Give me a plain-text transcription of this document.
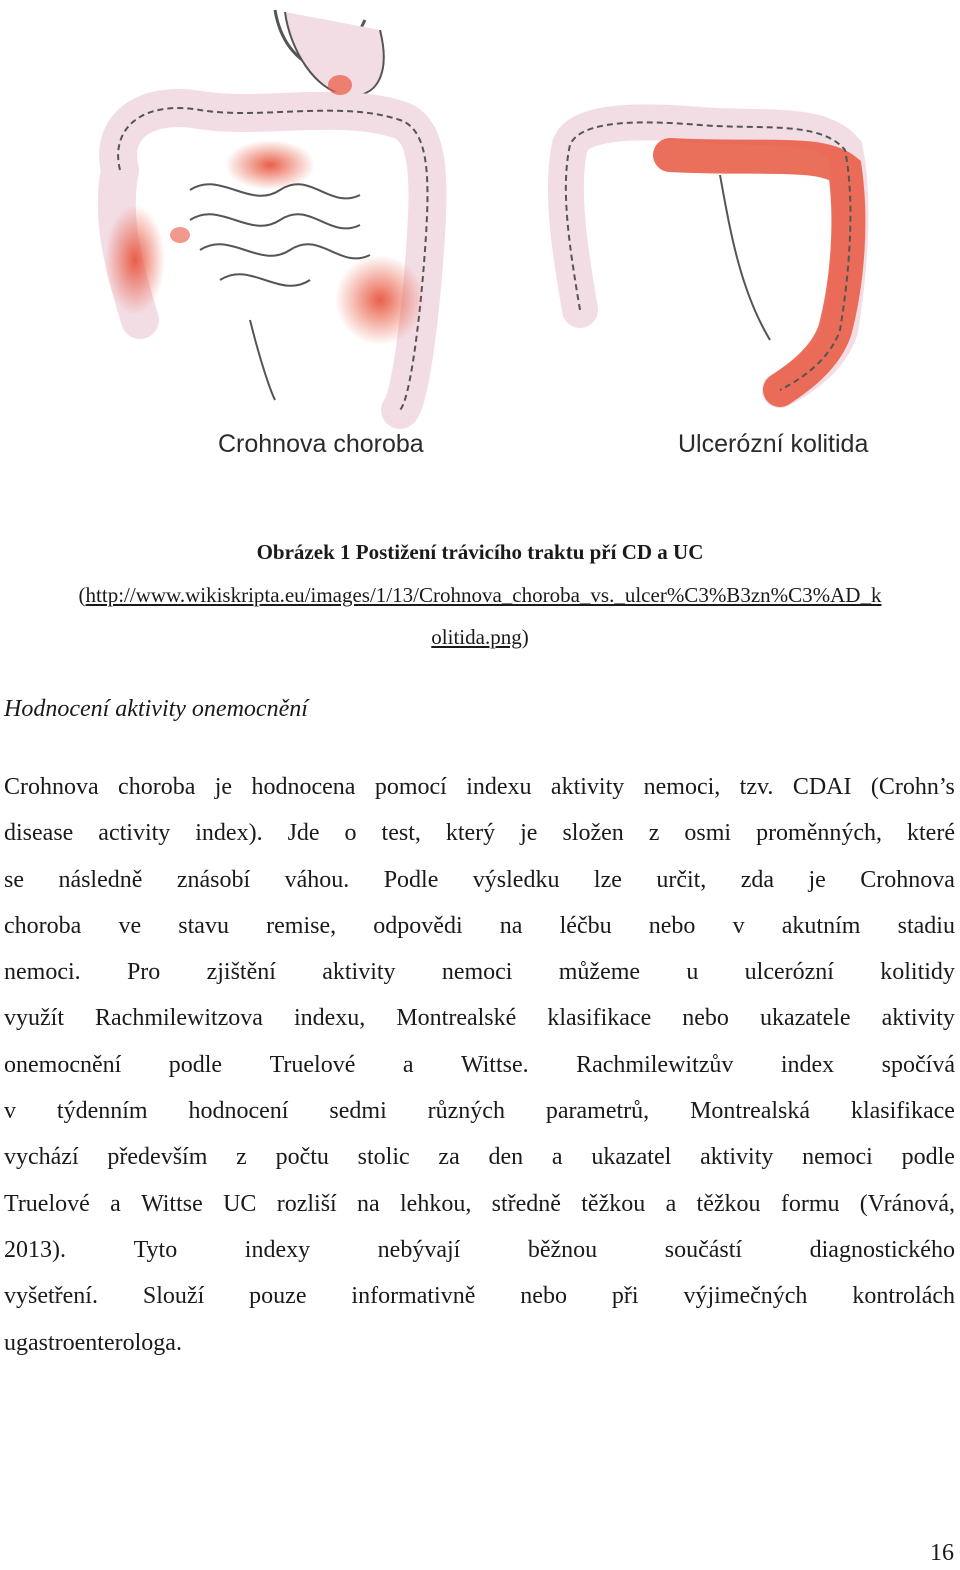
Crohnova choroba	Ulcerózní kolitida
Obrázek 1 Postižení trávicího traktu pří CD a UC
(http://www.wikiskripta.eu/images/1/13/Crohnova_choroba_vs._ulcer%C3%B3zn%C3%AD_k
olitida.png)
Hodnocení aktivity onemocnění
Crohnova choroba je hodnocena pomocí indexu aktivity nemoci, tzv. CDAI (Crohn’s
disease activity index). Jde o test, který je složen z osmi proměnných, které
se následně znásobí váhou. Podle výsledku lze určit, zda je Crohnova
choroba ve stavu remise, odpovědi na léčbu nebo v akutním stadiu
nemoci. Pro zjištění aktivity nemoci můžeme u ulcerózní kolitidy
využít Rachmilewitzova indexu, Montrealské klasifikace nebo ukazatele aktivity
onemocnění podle Truelové a Wittse. Rachmilewitzův index spočívá
v týdenním hodnocení sedmi různých parametrů, Montrealská klasifikace
vychází především z počtu stolic za den a ukazatel aktivity nemoci podle
Truelové a Wittse UC rozliší na lehkou, středně těžkou a těžkou formu (Vránová,
2013).	Tyto	indexy	nebývají	běžnou	součástí	diagnostického
vyšetření. Slouží pouze informativně nebo při výjimečných kontrolách
u gastroenterologa.
16
